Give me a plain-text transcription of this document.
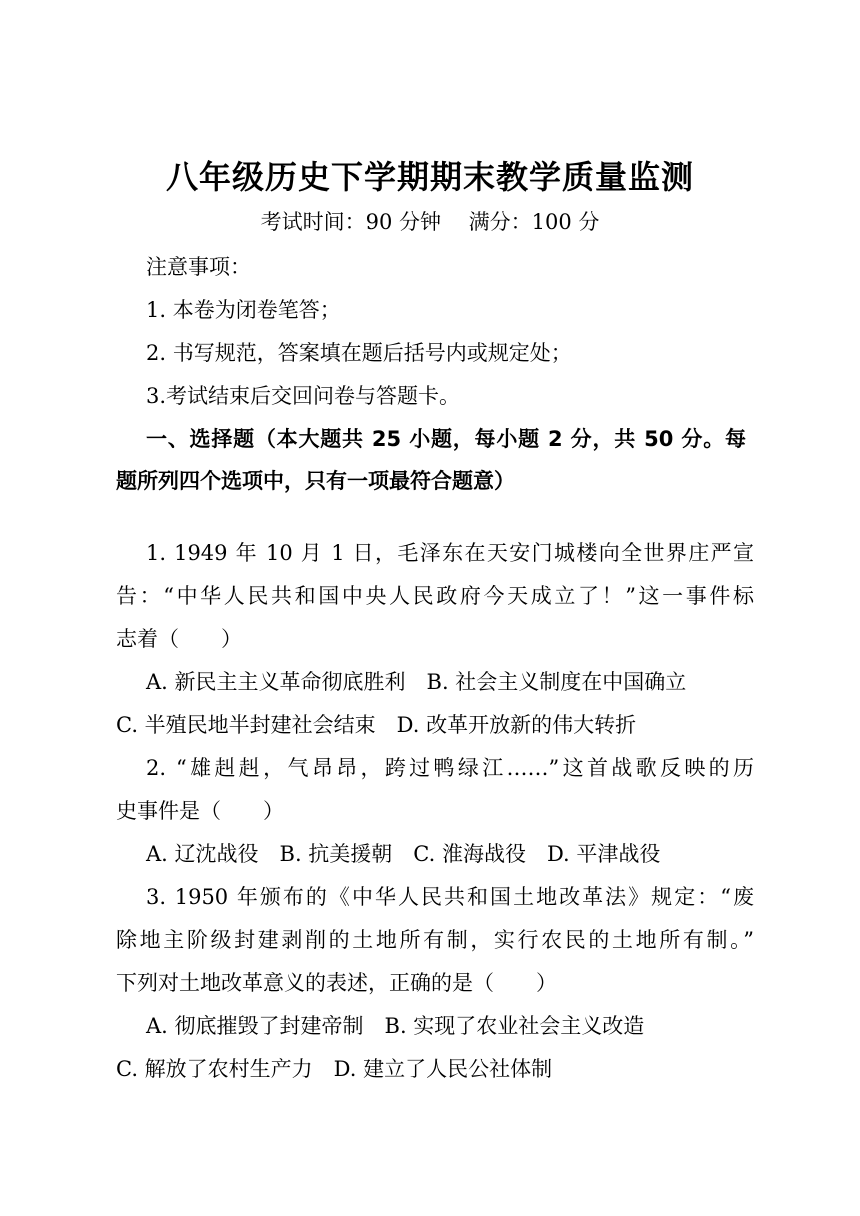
八年级历史下学期期末教学质量监测
考试时间：90 分钟　 满分：100 分
注意事项：
1. 本卷为闭卷笔答；
2. 书写规范，答案填在题后括号内或规定处；
3.考试结束后交回问卷与答题卡。
一、选择题（本大题共 25 小题，每小题 2 分，共 50 分。每
题所列四个选项中，只有一项最符合题意）
1. 1949 年 10 月 1 日，毛泽东在天安门城楼向全世界庄严宣
告：“中华人民共和国中央人民政府今天成立了！”这一事件标
志着（　　）
A. 新民主主义革命彻底胜利　B. 社会主义制度在中国确立
C. 半殖民地半封建社会结束　D. 改革开放新的伟大转折
2. “雄赳赳，气昂昂，跨过鸭绿江……”这首战歌反映的历
史事件是（　　）
A. 辽沈战役　B. 抗美援朝　C. 淮海战役　D. 平津战役
3. 1950 年颁布的《中华人民共和国土地改革法》规定：“废
除地主阶级封建剥削的土地所有制，实行农民的土地所有制。”
下列对土地改革意义的表述，正确的是（　　）
A. 彻底摧毁了封建帝制　B. 实现了农业社会主义改造
C. 解放了农村生产力　D. 建立了人民公社体制
